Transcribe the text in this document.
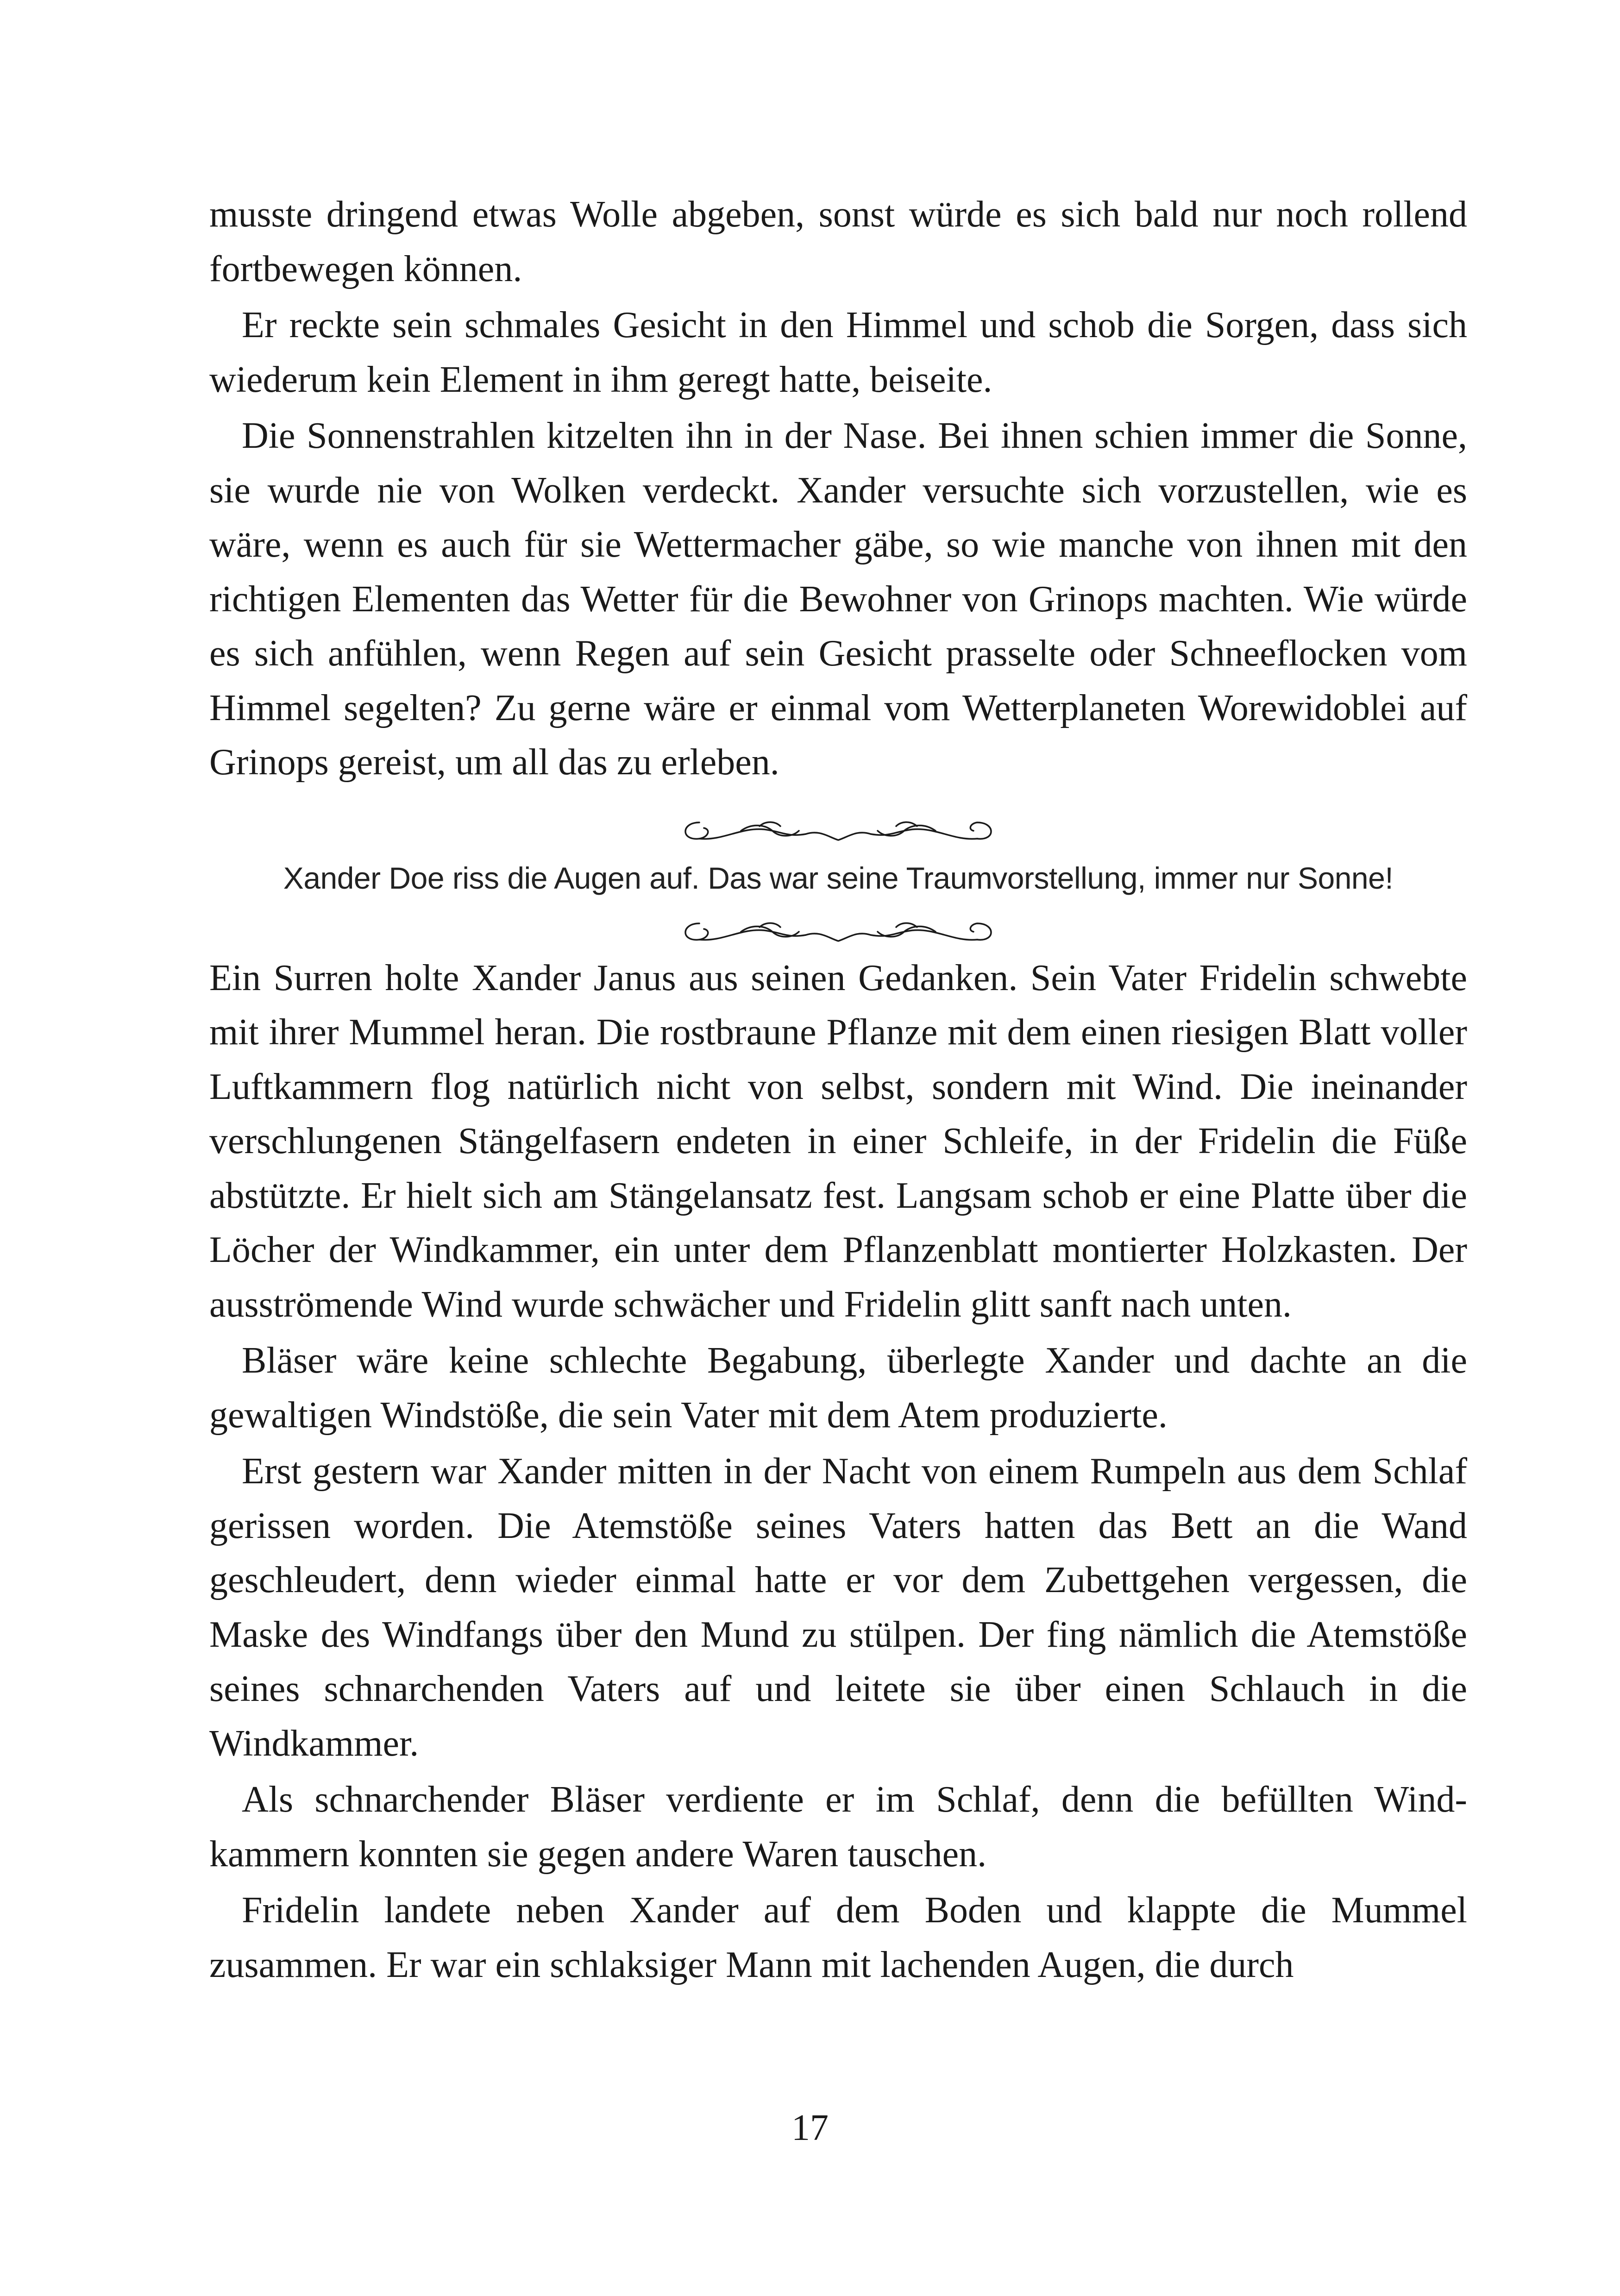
musste dringend etwas Wolle abgeben, sonst würde es sich bald nur noch rollend fortbewegen können.

Er reckte sein schmales Gesicht in den Himmel und schob die Sorgen, dass sich wiederum kein Element in ihm geregt hatte, beiseite.

Die Sonnenstrahlen kitzelten ihn in der Nase. Bei ihnen schien immer die Sonne, sie wurde nie von Wolken verdeckt. Xander versuchte sich vorzustellen, wie es wäre, wenn es auch für sie Wettermacher gäbe, so wie manche von ihnen mit den richtigen Elementen das Wetter für die Bewohner von Grinops machten. Wie würde es sich anfühlen, wenn Regen auf sein Gesicht prasselte oder Schneeflocken vom Himmel segelten? Zu gerne wäre er einmal vom Wetterplaneten Worewidoblei auf Grinops gereist, um all das zu erleben.

Xander Doe riss die Augen auf. Das war seine Traumvorstellung, immer nur Sonne!

Ein Surren holte Xander Janus aus seinen Gedanken. Sein Vater Fridelin schwebte mit ihrer Mummel heran. Die rostbraune Pflanze mit dem einen riesigen Blatt voller Luftkammern flog natürlich nicht von selbst, sondern mit Wind. Die ineinander verschlungenen Stängelfasern endeten in einer Schleife, in der Fridelin die Füße abstützte. Er hielt sich am Stängelansatz fest. Langsam schob er eine Platte über die Löcher der Windkammer, ein unter dem Pflanzenblatt montierter Holzkasten. Der ausströmende Wind wurde schwächer und Fridelin glitt sanft nach unten.

Bläser wäre keine schlechte Begabung, überlegte Xander und dachte an die gewaltigen Windstöße, die sein Vater mit dem Atem produzierte.

Erst gestern war Xander mitten in der Nacht von einem Rumpeln aus dem Schlaf gerissen worden. Die Atemstöße seines Vaters hatten das Bett an die Wand geschleudert, denn wieder einmal hatte er vor dem Zubettgehen vergessen, die Maske des Windfangs über den Mund zu stülpen. Der fing nämlich die Atemstöße seines schnarchenden Vaters auf und leitete sie über einen Schlauch in die Windkammer.

Als schnarchender Bläser verdiente er im Schlaf, denn die befüllten Windkammern konnten sie gegen andere Waren tauschen.

Fridelin landete neben Xander auf dem Boden und klappte die Mummel zusammen. Er war ein schlaksiger Mann mit lachenden Augen, die durch

17
